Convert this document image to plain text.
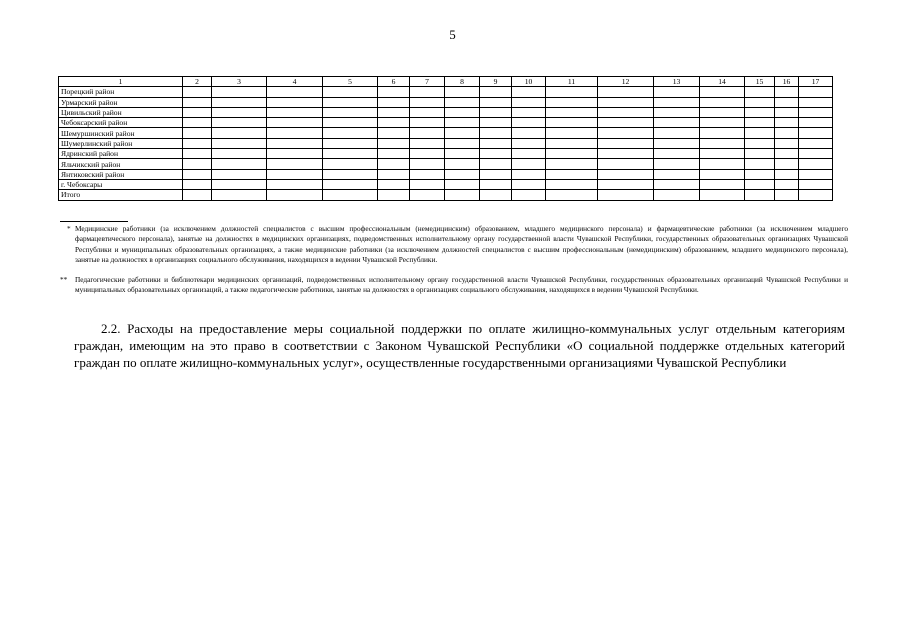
5
1	2	3	4	5	6	7	8	9	10	11	12	13	14	15	16	17
Порецкий район																
Урмарский район																
Цивильский район																
Чебоксарский район																
Шемуршинский район																
Шумерлинский район																
Ядринский район																
Яльчикский район																
Янтиковский район																
г. Чебоксары																
Итого																
* Медицинские работники (за исключением должностей специалистов с высшим профессиональным (немедицинским) образованием, младшего медицинского персонала) и фармацевтические работники (за исключением младшего фармацевтического персонала), занятые на должностях в медицинских организациях, подведомственных исполнительному органу государственной власти Чувашской Республики, государственных образовательных организациях Чувашской Республики и муниципальных образовательных организациях, а также медицинские работники (за исключением должностей специалистов с высшим профессиональным (немедицинским) образованием, младшего медицинского персонала), занятые на должностях в организациях социального обслуживания, находящихся в ведении Чувашской Республики.
**	Педагогические работники и библиотекари медицинских организаций, подведомственных исполнительному органу государственной власти Чувашской Республики, государственных образовательных организаций Чувашской Республики и муниципальных образовательных организаций, а также педагогические работники, занятые на должностях в организациях социального обслуживания, находящихся в ведении Чувашской Республики.
2.2. Расходы на предоставление меры социальной поддержки по оплате жилищно-коммунальных услуг отдельным категориям граждан, имеющим на это право в соответствии с Законом Чувашской Республики «О социальной поддержке отдельных категорий граждан по оплате жилищно-коммунальных услуг», осуществленные государственными организациями Чувашской Республики
